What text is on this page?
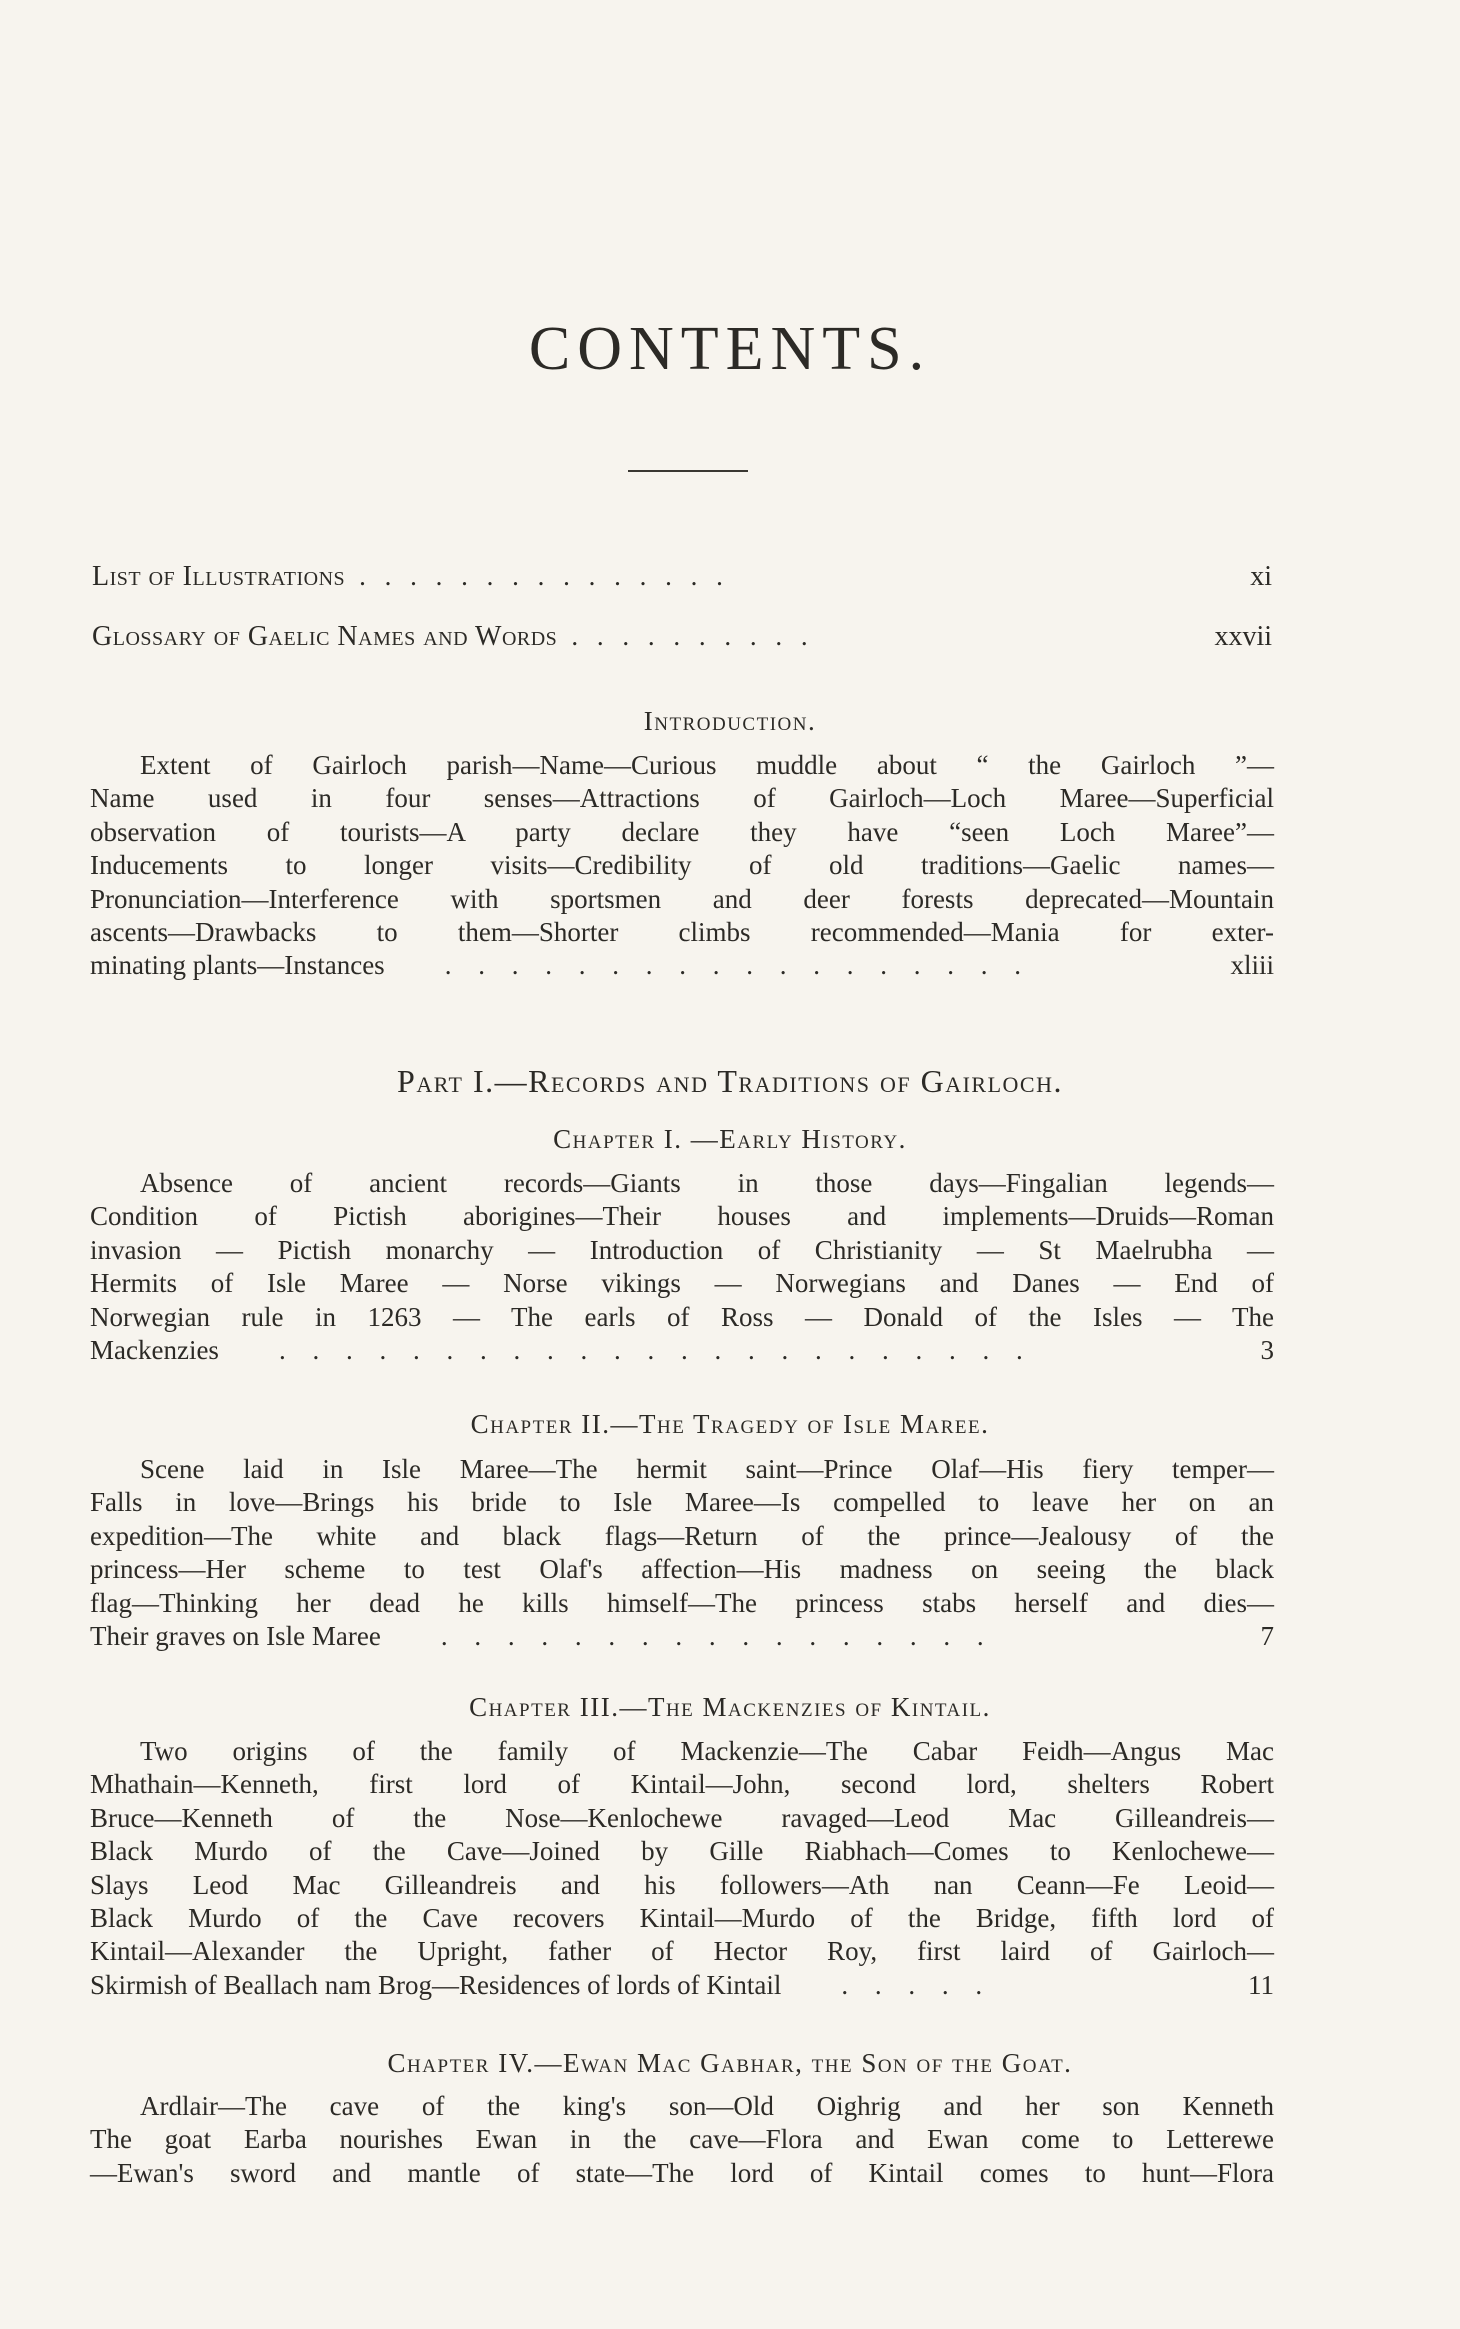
CONTENTS.
List of Illustrations . . . . . . . . . . . . . . .	xi
Glossary of Gaelic Names and Words . . . . . . . . . .	xxvii
Introduction.
Extent of Gairloch parish—Name—Curious muddle about “ the Gairloch ”—
Name used in four senses—Attractions of Gairloch—Loch Maree—Superficial
observation of tourists—A party declare they have “seen Loch Maree”—
Inducements to longer visits—Credibility of old traditions—Gaelic names—
Pronunciation—Interference with sportsmen and deer forests deprecated—Mountain
ascents—Drawbacks to them—Shorter climbs recommended—Mania for exter-
minating plants—Instances . . . . . . . . . . . . . . . . . .	xliii
Part I.—Records and Traditions of Gairloch.
Chapter I. —Early History.
Absence of ancient records—Giants in those days—Fingalian legends—
Condition of Pictish aborigines—Their houses and implements—Druids—Roman
invasion — Pictish monarchy — Introduction of Christianity — St Maelrubha —
Hermits of Isle Maree — Norse vikings — Norwegians and Danes — End of
Norwegian rule in 1263 — The earls of Ross — Donald of the Isles — The
Mackenzies . . . . . . . . . . . . . . . . . . . . . . .	3
Chapter II.—The Tragedy of Isle Maree.
Scene laid in Isle Maree—The hermit saint—Prince Olaf—His fiery temper—
Falls in love—Brings his bride to Isle Maree—Is compelled to leave her on an
expedition—The white and black flags—Return of the prince—Jealousy of the
princess—Her scheme to test Olaf's affection—His madness on seeing the black
flag—Thinking her dead he kills himself—The princess stabs herself and dies—
Their graves on Isle Maree . . . . . . . . . . . . . . . . .	7
Chapter III.—The Mackenzies of Kintail.
Two origins of the family of Mackenzie—The Cabar Feidh—Angus Mac
Mhathain—Kenneth, first lord of Kintail—John, second lord, shelters Robert
Bruce—Kenneth of the Nose—Kenlochewe ravaged—Leod Mac Gilleandreis—
Black Murdo of the Cave—Joined by Gille Riabhach—Comes to Kenlochewe—
Slays Leod Mac Gilleandreis and his followers—Ath nan Ceann—Fe Leoid—
Black Murdo of the Cave recovers Kintail—Murdo of the Bridge, fifth lord of
Kintail—Alexander the Upright, father of Hector Roy, first laird of Gairloch—
Skirmish of Beallach nam Brog—Residences of lords of Kintail . . . . .	11
Chapter IV.—Ewan Mac Gabhar, the Son of the Goat.
Ardlair—The cave of the king's son—Old Oighrig and her son Kenneth
The goat Earba nourishes Ewan in the cave—Flora and Ewan come to Letterewe
—Ewan's sword and mantle of state—The lord of Kintail comes to hunt—Flora
